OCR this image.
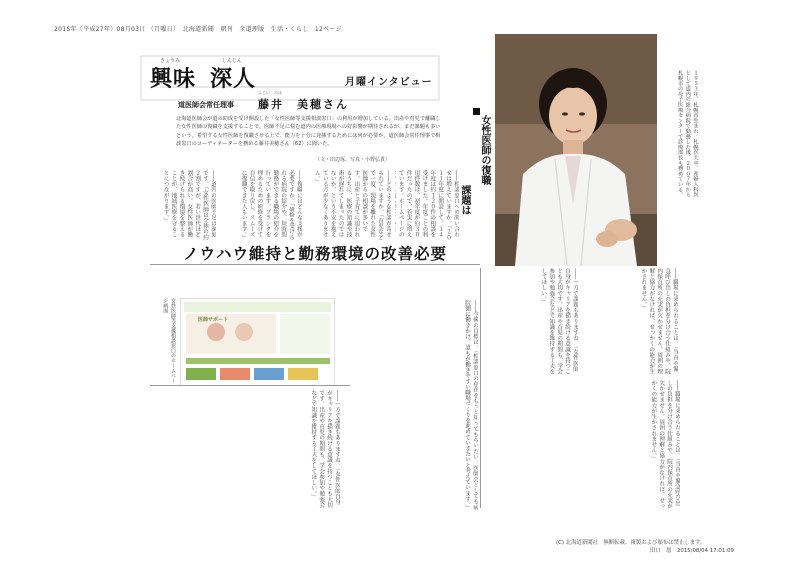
2015年（平成27年）08月03日 （月曜日）　北海道新聞　朝刊　全道理版　生活・くらし　12ページ
興味 深人
きょうみ	しんじん
月曜インタビュー
道医師会常任理事
ふじい　みほ
藤井　美穂さん
北海道医師会が道の助成を受け開設した「女性医師等支援相談窓口」の利用が増加している。出産や育児で離職した女性医師の復職を支援することで、医師不足に悩む道内の医療現場への好影響が期待されるが、まだ課題も多いという。希望する女性医師を復職させる上で、能力を十分に発揮するためには何が必要か。道医師会常任理事で相談窓口のコーディネーターを務める藤井美穂さん（62）に聞いた。
（文・田辺琢、写真・小野弘貴）	１９５３年、札幌市生まれ。札幌医大卒。産婦人科医として道内の総合病院で勤務した後、２００７年から札幌市の母子医療センターで診療部長も務めている。
女性医師の復職
課題は
――相談窓口への問い合わせは増えていますか。「２０１１年度に開設して、１４年度は約１２０件の相談を受けました。年度ごとの利用件数は、初年度が約３０件だったので、着実に増えています。ホームページの
――どのような相談が寄せられていますか。「育児などで一度、現場を離れた女性医師からの相談が多いです。出産と子育てに追われるうちに、医療の知識や技術が遅れてしまったのではないか、という不安を抱えている方が少なくありません。」
――復職にはどんな支援が必要ですか。「研修を受けられる病院の紹介や、短時間勤務ができる職場の紹介を行っています。ブランクを埋めるための研修を受けて自信を取り戻し、スムーズに復職できた人もいます。」
――道内の医師不足は深刻です。「女性医師は全体の約２割ですが、若い世代ほど割合が高い。女性医師が働き続けられる環境を整えることが、地域医療を守ることにつながります。」
――職場に求められることは。「当直や緊急呼び出しの負担を分け合う仕組みや、院内保育所の充実が欠かせません。周囲の理解と協力がなければ、せっかくの能力が生かされません。」
――一方で課題もありますね。「女性医師自身がキャリアを描き続ける意識を持つことも大切です。出産や育児の期間も、学会参加や勉強会などで知識を維持する工夫をしてほしい。」
ノウハウ維持と勤務環境の改善必要
医師サポート
女性医師等支援相談窓口のホームページ画面	――今後の目標は。「相談窓口の存在をもっと知ってもらいたい。医師会としても病院側に働きかけ、誰もが働きやすい職場づくりを進めていきたいと考えています。」	――職場に求められることは。「当直や緊急呼び出しの負担を分け合う仕組みや、院内保育所の充実が欠かせません。周囲の理解と協力がなければ、せっかくの能力が生かされません。」
――一方で課題もありますね。「女性医師自身がキャリアを描き続ける意識を持つことも大切です。出産や育児の期間も、学会参加や勉強会などで知識を維持する工夫をしてほしい。」
(C) 北海道新聞社　無断転載、複製および頒布は禁止します。
田口　愿　2015/08/04 17:01:09
